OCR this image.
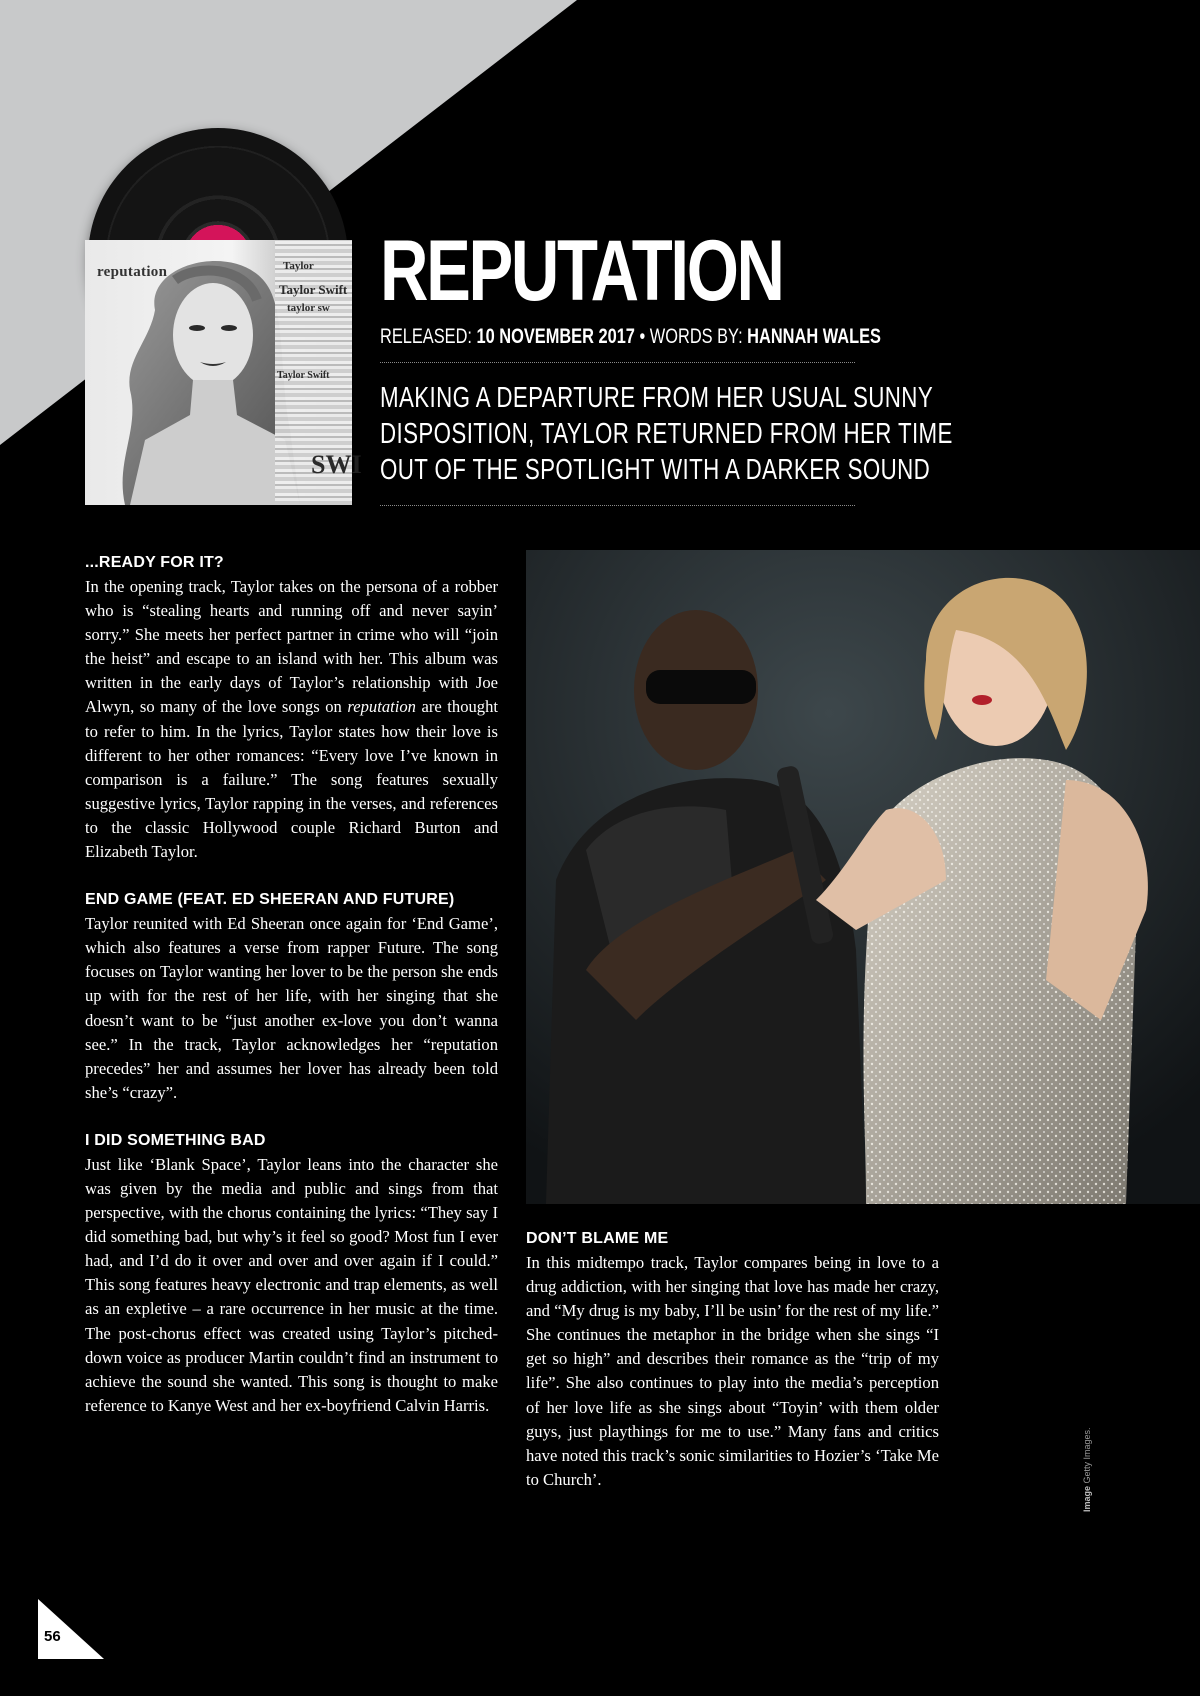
reputation	Taylor
Taylor Swift
taylor sw
Taylor Swift
SWI
REPUTATION
RELEASED: 10 NOVEMBER 2017 • WORDS BY: HANNAH WALES
MAKING A DEPARTURE FROM HER USUAL SUNNY
DISPOSITION, TAYLOR RETURNED FROM HER TIME
OUT OF THE SPOTLIGHT WITH A DARKER SOUND
...READY FOR IT?

In the opening track, Taylor takes on the persona of a robber who is “stealing hearts and running off and never sayin’ sorry.” She meets her perfect partner in crime who will “join the heist” and escape to an island with her. This album was written in the early days of Taylor’s relationship with Joe Alwyn, so many of the love songs on reputation are thought to refer to him. In the lyrics, Taylor states how their love is different to her other romances: “Every love I’ve known in comparison is a failure.” The song features sexually suggestive lyrics, Taylor rapping in the verses, and references to the classic Hollywood couple Richard Burton and Elizabeth Taylor.

END GAME (FEAT. ED SHEERAN AND FUTURE)

Taylor reunited with Ed Sheeran once again for ‘End Game’, which also features a verse from rapper Future. The song focuses on Taylor wanting her lover to be the person she ends up with for the rest of her life, with her singing that she doesn’t want to be “just another ex-love you don’t wanna see.” In the track, Taylor acknowledges her “reputation precedes” her and assumes her lover has already been told she’s “crazy”.

I DID SOMETHING BAD

Just like ‘Blank Space’, Taylor leans into the character she was given by the media and public and sings from that perspective, with the chorus containing the lyrics: “They say I did something bad, but why’s it feel so good? Most fun I ever had, and I’d do it over and over and over again if I could.” This song features heavy electronic and trap elements, as well as an expletive – a rare occurrence in her music at the time. The post-chorus effect was created using Taylor’s pitched-down voice as producer Martin couldn’t find an instrument to achieve the sound she wanted. This song is thought to make reference to Kanye West and her ex-boyfriend Calvin Harris.

DON’T BLAME ME

In this midtempo track, Taylor compares being in love to a drug addiction, with her singing that love has made her crazy, and “My drug is my baby, I’ll be usin’ for the rest of my life.” She continues the metaphor in the bridge when she sings “I get so high” and describes their romance as the “trip of my life”. She also continues to play into the media’s perception of her love life as she sings about “Toyin’ with them older guys, just playthings for me to use.” Many fans and critics have noted this track’s sonic similarities to Hozier’s ‘Take Me to Church’.

Image Getty Images.
56
